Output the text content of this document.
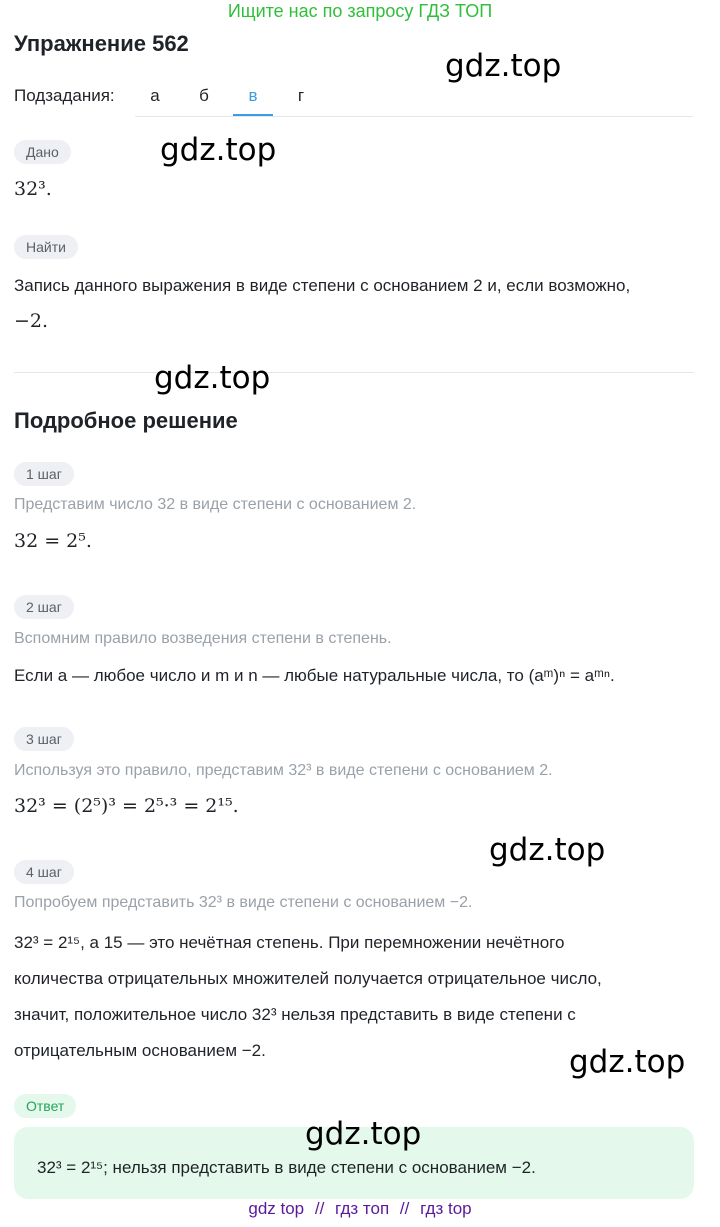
Ищите нас по запросу ГДЗ ТОП
Упражнение 562
gdz.top
Подзадания:	а	б	в	г
Дано	gdz.top
32³.
Найти
Запись данного выражения в виде степени с основанием 2 и, если возможно,
−2.
gdz.top
Подробное решение
1 шаг
Представим число 32 в виде степени с основанием 2.
32 = 2⁵.
2 шаг
Вспомним правило возведения степени в степень.
Если a — любое число и m и n — любые натуральные числа, то (aᵐ)ⁿ = aᵐⁿ.
3 шаг
Используя это правило, представим 32³ в виде степени с основанием 2.
32³ = (2⁵)³ = 2⁵·³ = 2¹⁵.
gdz.top
4 шаг
Попробуем представить 32³ в виде степени с основанием −2.
32³ = 2¹⁵, а 15 — это нечётная степень. При перемножении нечётного
количества отрицательных множителей получается отрицательное число,
значит, положительное число 32³ нельзя представить в виде степени с
отрицательным основанием −2.	gdz.top
Ответ
32³ = 2¹⁵; нельзя представить в виде степени с основанием −2.
gdz.top
gdz top // гдз топ // гдз top
